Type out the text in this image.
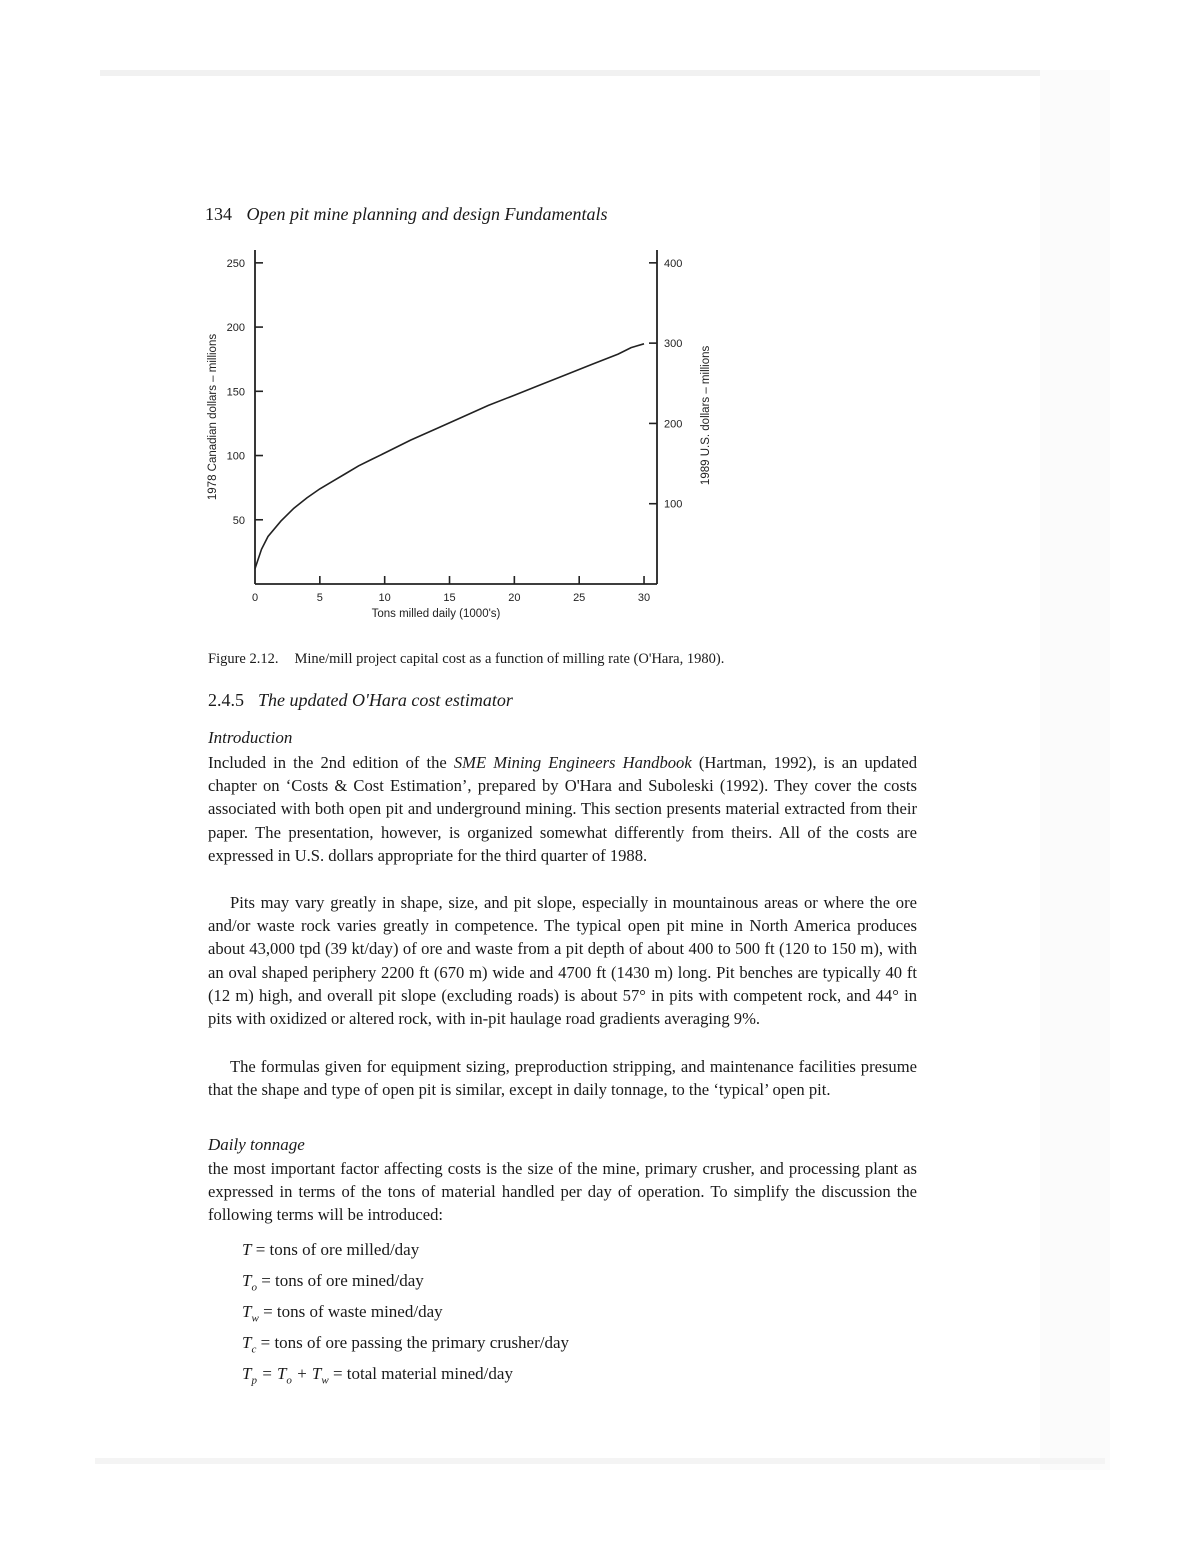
134 Open pit mine planning and design Fundamentals
0	5	10	15	20	25	30
50
100
150
200
250
100
200
300
400
Tons milled daily (1000's)
1978 Canadian dollars – millions	1989 U.S. dollars – millions
Figure 2.12. Mine/mill project capital cost as a function of milling rate (O'Hara, 1980).
2.4.5 The updated O'Hara cost estimator
Introduction

Included in the 2nd edition of the SME Mining Engineers Handbook (Hartman, 1992), is an updated chapter on ‘Costs & Cost Estimation’, prepared by O'Hara and Suboleski (1992). They cover the costs associated with both open pit and underground mining. This section presents material extracted from their paper. The presentation, however, is organized somewhat differently from theirs. All of the costs are expressed in U.S. dollars appropriate for the third quarter of 1988.

Pits may vary greatly in shape, size, and pit slope, especially in mountainous areas or where the ore and/or waste rock varies greatly in competence. The typical open pit mine in North America produces about 43,000 tpd (39 kt/day) of ore and waste from a pit depth of about 400 to 500 ft (120 to 150 m), with an oval shaped periphery 2200 ft (670 m) wide and 4700 ft (1430 m) long. Pit benches are typically 40 ft (12 m) high, and overall pit slope (excluding roads) is about 57° in pits with competent rock, and 44° in pits with oxidized or altered rock, with in-pit haulage road gradients averaging 9%.

The formulas given for equipment sizing, preproduction stripping, and maintenance facilities presume that the shape and type of open pit is similar, except in daily tonnage, to the ‘typical’ open pit.

Daily tonnage

the most important factor affecting costs is the size of the mine, primary crusher, and processing plant as expressed in terms of the tons of material handled per day of operation. To simplify the discussion the following terms will be introduced:

T = tons of ore milled/day
$T_o$ = tons of ore mined/day
$T_w$ = tons of waste mined/day
$T_c$ = tons of ore passing the primary crusher/day
$T_p = T_o + T_w$ = total material mined/day
